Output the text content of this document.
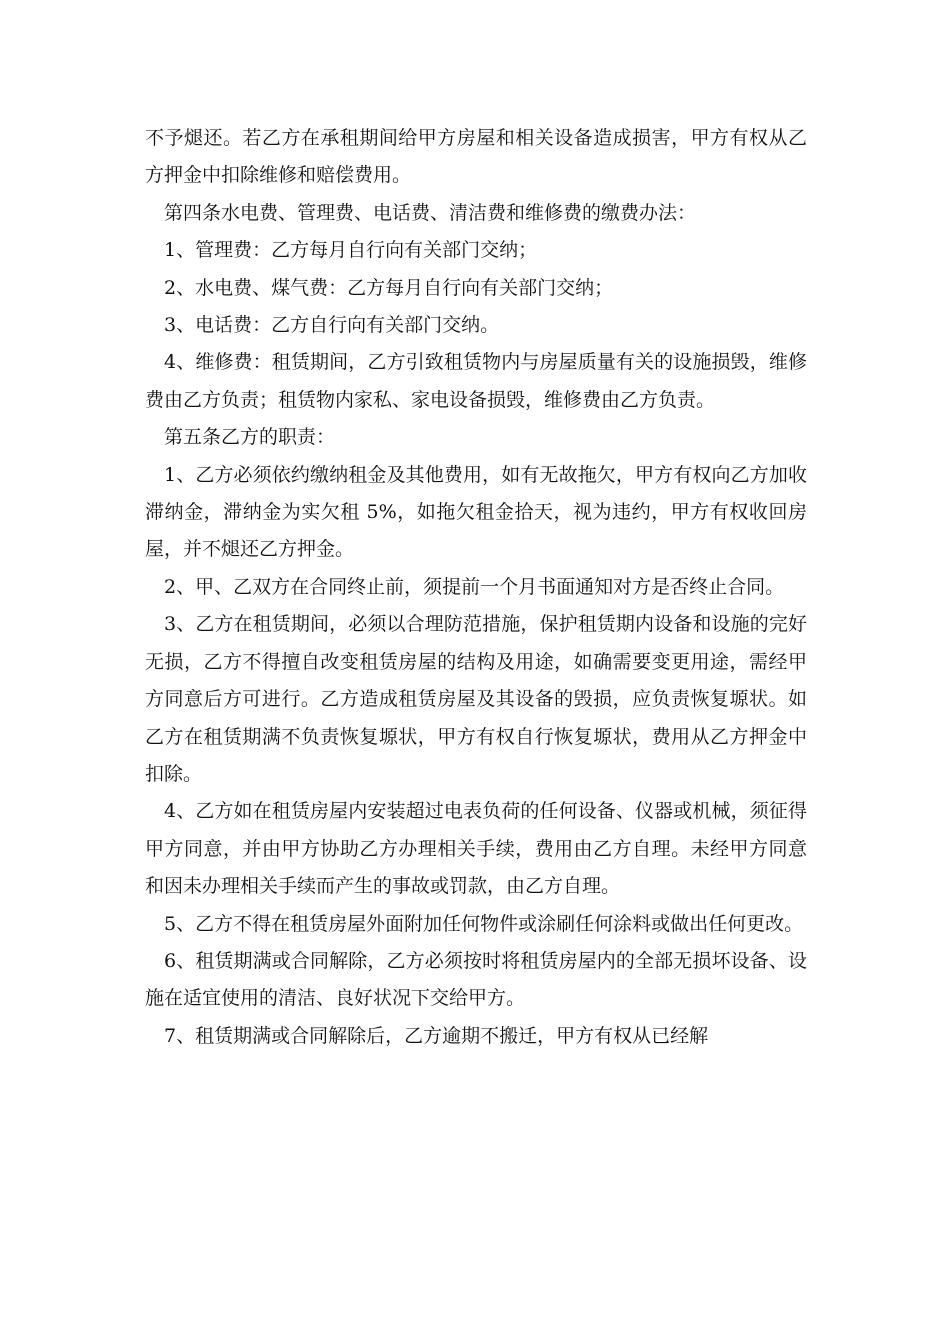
不予煺还。若乙方在承租期间给甲方房屋和相关设备造成损害，甲方有权从乙方押金中扣除维修和赔偿费用。

第四条水电费、管理费、电话费、清洁费和维修费的缴费办法：

1、管理费：乙方每月自行向有关部门交纳；

2、水电费、煤气费：乙方每月自行向有关部门交纳；

3、电话费：乙方自行向有关部门交纳。

4、维修费：租赁期间，乙方引致租赁物内与房屋质量有关的设施损毁，维修费由乙方负责；租赁物内家私、家电设备损毁，维修费由乙方负责。

第五条乙方的职责：

1、乙方必须依约缴纳租金及其他费用，如有无故拖欠，甲方有权向乙方加收滞纳金，滞纳金为实欠租 5%，如拖欠租金拾天，视为违约，甲方有权收回房屋，并不煺还乙方押金。

2、甲、乙双方在合同终止前，须提前一个月书面通知对方是否终止合同。

3、乙方在租赁期间，必须以合理防范措施，保护租赁期内设备和设施的完好无损，乙方不得擅自改变租赁房屋的结构及用途，如确需要变更用途，需经甲方同意后方可进行。乙方造成租赁房屋及其设备的毁损，应负责恢复塬状。如乙方在租赁期满不负责恢复塬状，甲方有权自行恢复塬状，费用从乙方押金中扣除。

4、乙方如在租赁房屋内安装超过电表负荷的任何设备、仪器或机械，须征得甲方同意，并由甲方协助乙方办理相关手续，费用由乙方自理。未经甲方同意和因未办理相关手续而产生的事故或罚款，由乙方自理。

5、乙方不得在租赁房屋外面附加任何物件或涂刷任何涂料或做出任何更改。

6、租赁期满或合同解除，乙方必须按时将租赁房屋内的全部无损坏设备、设施在适宜使用的清洁、良好状况下交给甲方。

7、租赁期满或合同解除后，乙方逾期不搬迁，甲方有权从已经解
